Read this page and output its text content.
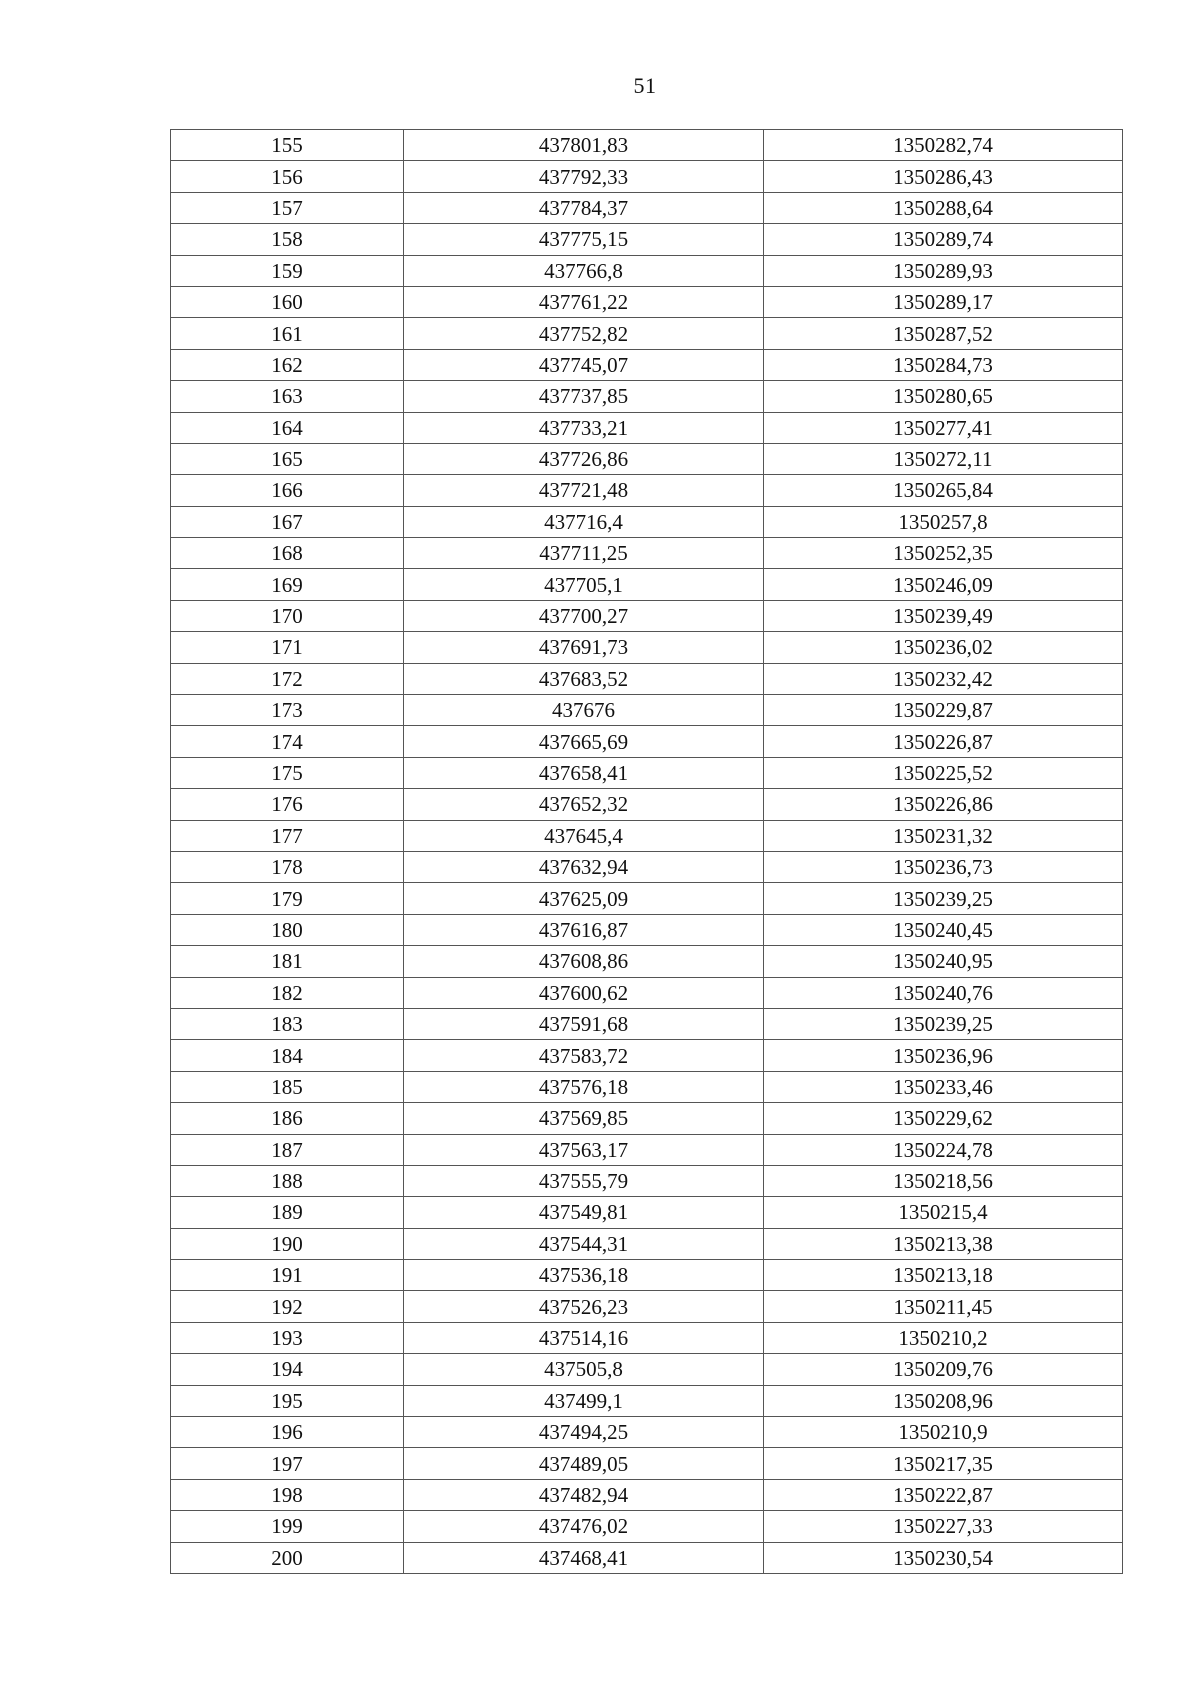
51
155	437801,83	1350282,74
156	437792,33	1350286,43
157	437784,37	1350288,64
158	437775,15	1350289,74
159	437766,8	1350289,93
160	437761,22	1350289,17
161	437752,82	1350287,52
162	437745,07	1350284,73
163	437737,85	1350280,65
164	437733,21	1350277,41
165	437726,86	1350272,11
166	437721,48	1350265,84
167	437716,4	1350257,8
168	437711,25	1350252,35
169	437705,1	1350246,09
170	437700,27	1350239,49
171	437691,73	1350236,02
172	437683,52	1350232,42
173	437676	1350229,87
174	437665,69	1350226,87
175	437658,41	1350225,52
176	437652,32	1350226,86
177	437645,4	1350231,32
178	437632,94	1350236,73
179	437625,09	1350239,25
180	437616,87	1350240,45
181	437608,86	1350240,95
182	437600,62	1350240,76
183	437591,68	1350239,25
184	437583,72	1350236,96
185	437576,18	1350233,46
186	437569,85	1350229,62
187	437563,17	1350224,78
188	437555,79	1350218,56
189	437549,81	1350215,4
190	437544,31	1350213,38
191	437536,18	1350213,18
192	437526,23	1350211,45
193	437514,16	1350210,2
194	437505,8	1350209,76
195	437499,1	1350208,96
196	437494,25	1350210,9
197	437489,05	1350217,35
198	437482,94	1350222,87
199	437476,02	1350227,33
200	437468,41	1350230,54
